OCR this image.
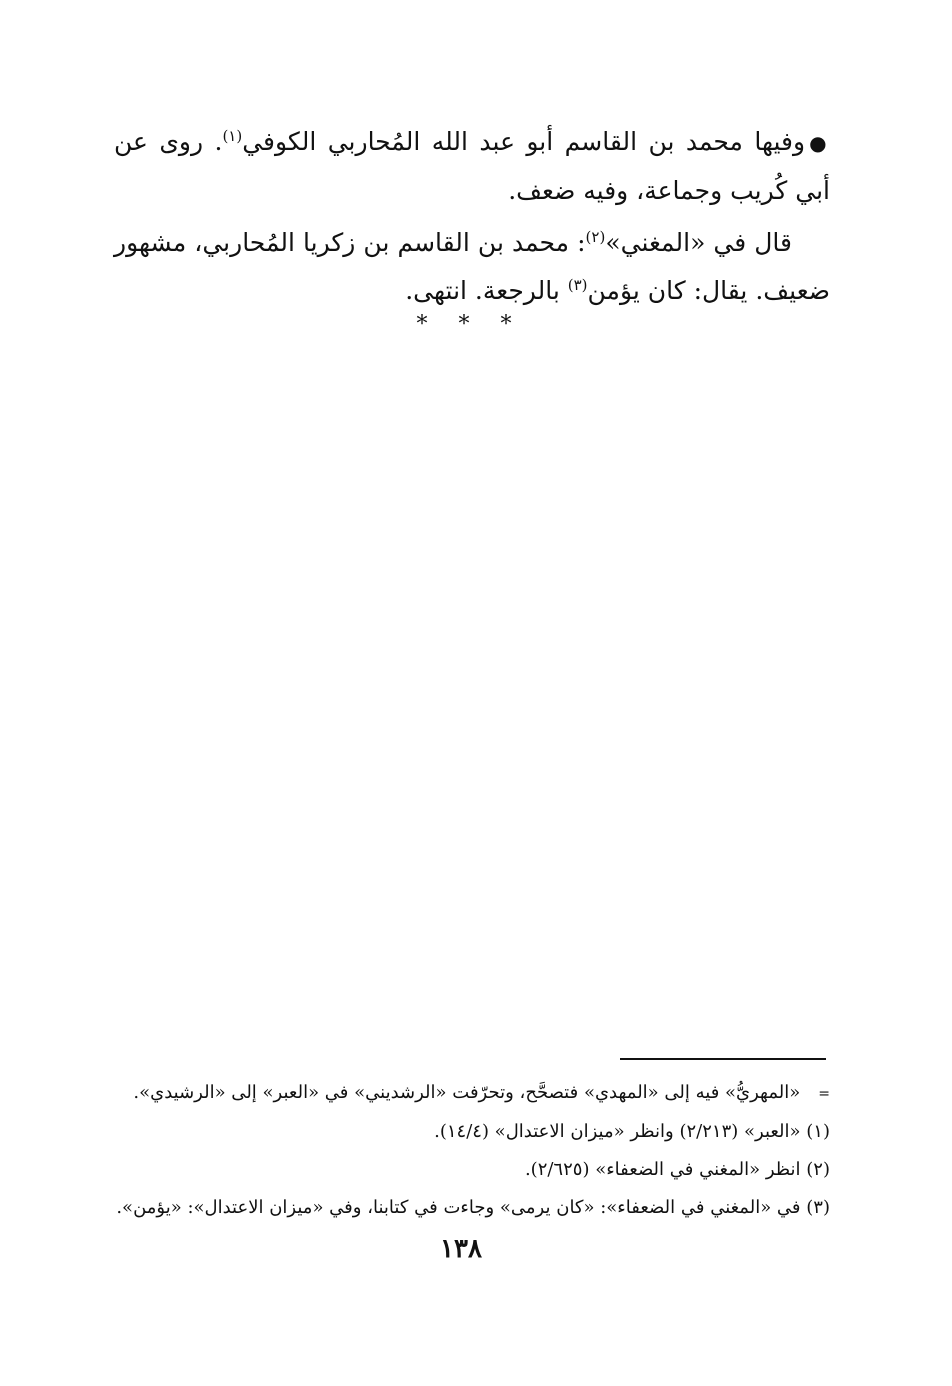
●وفيها محمد بن القاسم أبو عبد الله المُحاربي الكوفي$^{(١)}$. روى عن أبي كُريب وجماعة، وفيه ضعف.

قال في «المغني»$^{(٢)}$: محمد بن القاسم بن زكريا المُحاربي، مشهور ضعيف. يقال: كان يؤمن$^{(٣)}$ بالرجعة. انتهى.

* * *

=«المهريُّ» فيه إلى «المهدي» فتصحَّح، وتحرّفت «الرشديني» في «العبر» إلى «الرشيدي».

(١) «العبر» (٢/٢١٣) وانظر «ميزان الاعتدال» (١٤/٤).

(٢) انظر «المغني في الضعفاء» (٢/٦٢٥).

(٣) في «المغني في الضعفاء»: «كان يرمى» وجاءت في كتابنا، وفي «ميزان الاعتدال»: «يؤمن».

١٣٨
